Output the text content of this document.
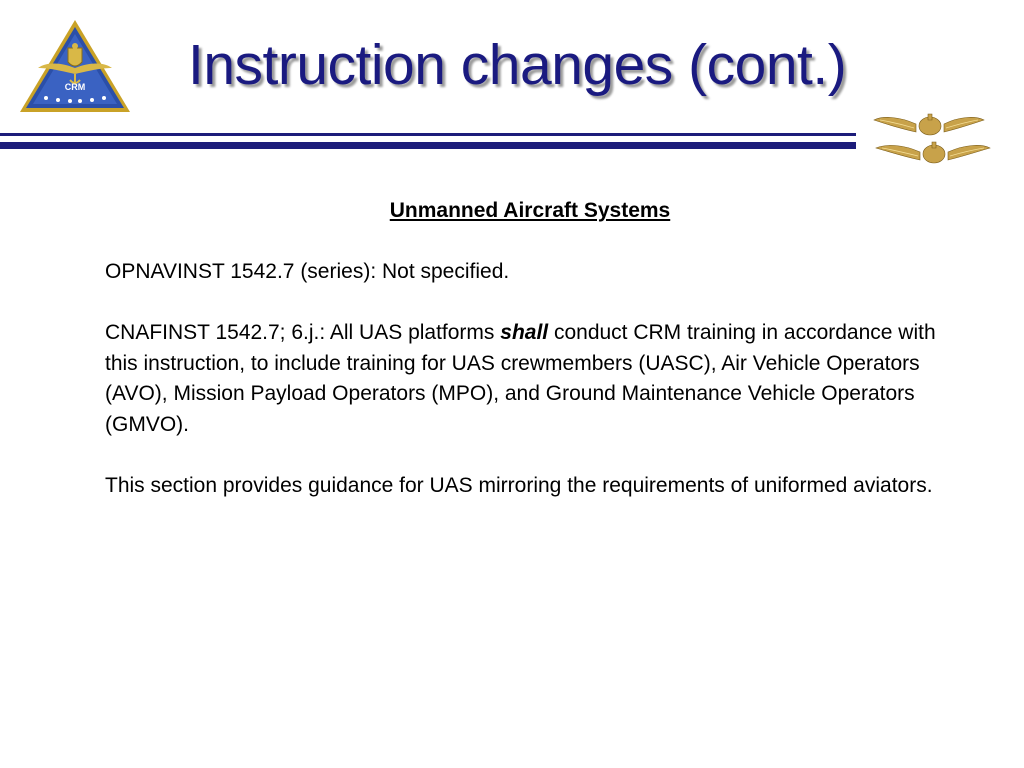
CRM Instruction changes (cont.)
Unmanned Aircraft Systems

OPNAVINST 1542.7 (series): Not specified.

CNAFINST 1542.7; 6.j.: All UAS platforms shall conduct CRM training in accordance with this instruction, to include training for UAS crewmembers (UASC), Air Vehicle Operators (AVO), Mission Payload Operators (MPO), and Ground Maintenance Vehicle Operators (GMVO).

This section provides guidance for UAS mirroring the requirements of uniformed aviators.
